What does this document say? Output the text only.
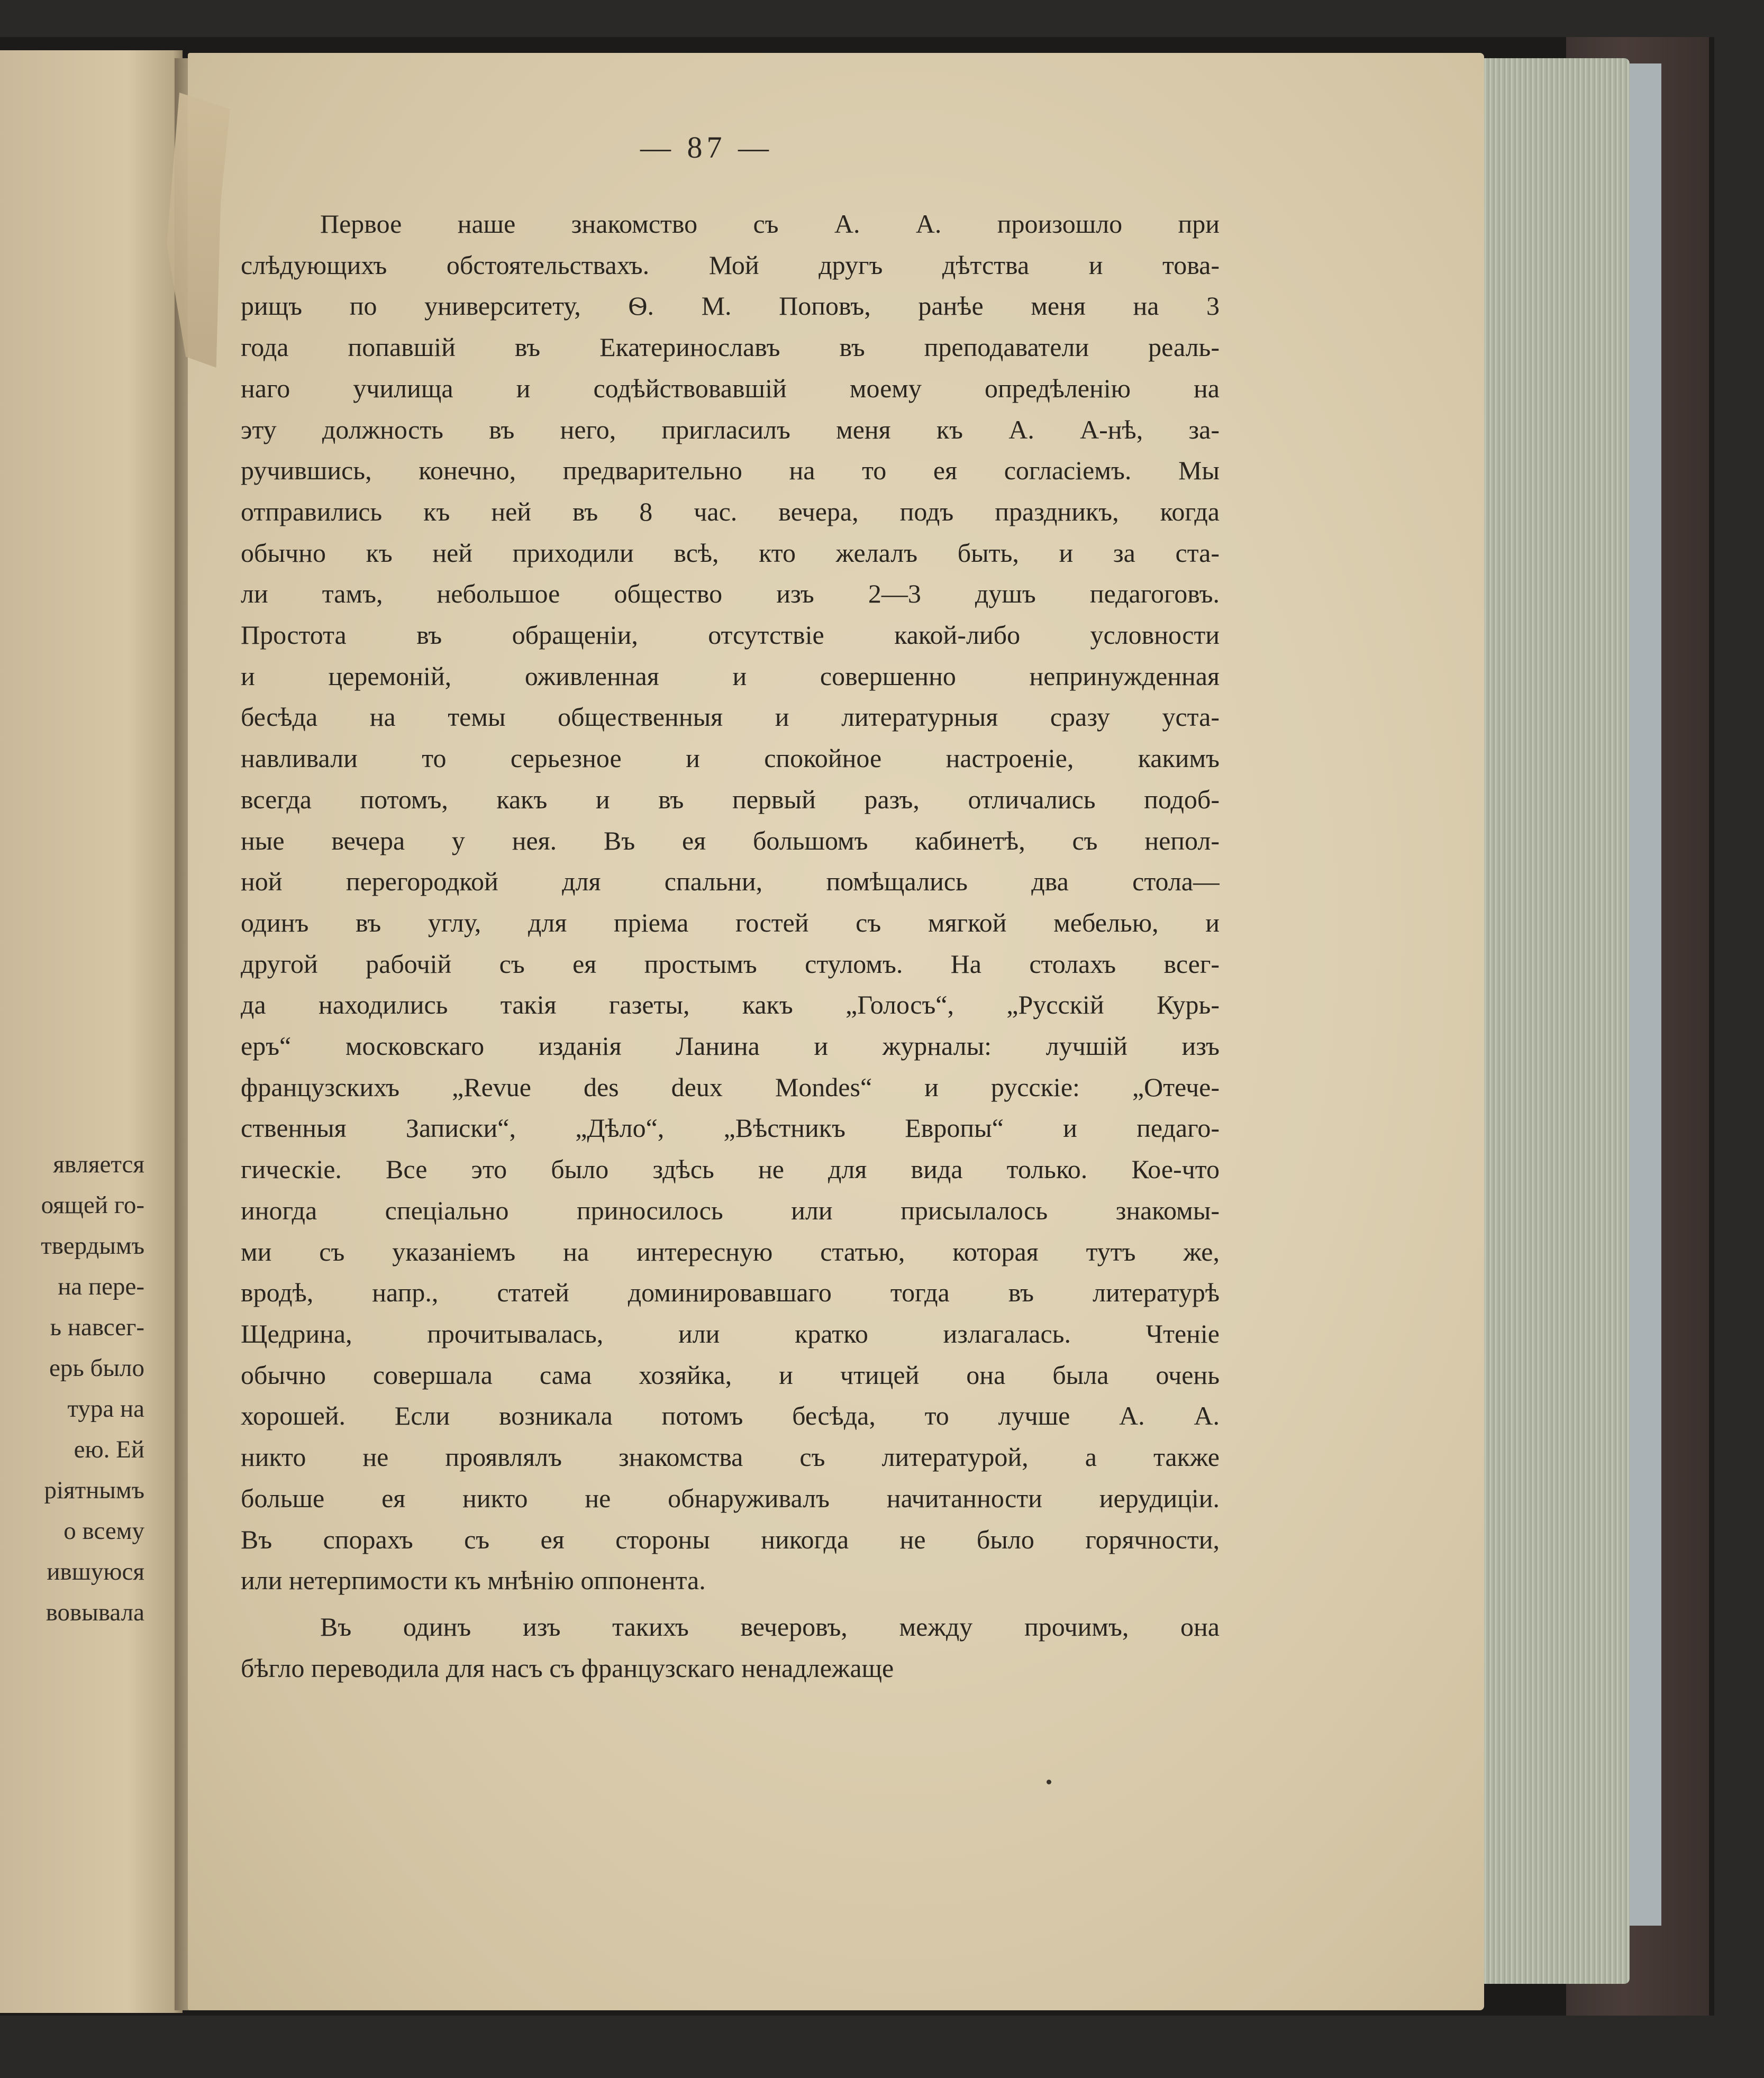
является
оящей го-
твердымъ
на пере-
ь навсег-
ерь было
тура на
ею. Ей
ріятнымъ
о всему
ившуюся
вовывала
— 87 —
Первое наше знакомство съ А. А. произошло при
слѣдующихъ обстоятельствахъ. Мой другъ дѣтства и това-
рищъ по университету, Ѳ. М. Поповъ, ранѣе меня на 3
года попавшій въ Екатеринославъ въ преподаватели реаль-
наго училища и содѣйствовавшій моему опредѣленію на
эту должность въ него, пригласилъ меня къ А. А-нѣ, за-
ручившись, конечно, предварительно на то ея согласіемъ. Мы
отправились къ ней въ 8 час. вечера, подъ праздникъ, когда
обычно къ ней приходили всѣ, кто желалъ быть, и за ста-
ли тамъ, небольшое общество изъ 2—3 душъ педагоговъ.
Простота въ обращеніи, отсутствіе какой-либо условности
и церемоній, оживленная и совершенно непринужденная
бесѣда на темы общественныя и литературныя сразу уста-
навливали то серьезное и спокойное настроеніе, какимъ
всегда потомъ, какъ и въ первый разъ, отличались подоб-
ные вечера у нея. Въ ея большомъ кабинетѣ, съ непол-
ной перегородкой для спальни, помѣщались два стола—
одинъ въ углу, для пріема гостей съ мягкой мебелью, и
другой рабочій съ ея простымъ стуломъ. На столахъ всег-
да находились такія газеты, какъ „Голосъ“, „Русскій Курь-
еръ“ московскаго изданія Ланина и журналы: лучшій изъ
французскихъ „Revue des deux Mondes“ и русскіе: „Отече-
ственныя Записки“, „Дѣло“, „Вѣстникъ Европы“ и педаго-
гическіе. Все это было здѣсь не для вида только. Кое-что
иногда спеціально приносилось или присылалось знакомы-
ми съ указаніемъ на интересную статью, которая тутъ же,
вродѣ, напр., статей доминировавшаго тогда въ литературѣ
Щедрина, прочитывалась, или кратко излагалась. Чтеніе
обычно совершала сама хозяйка, и чтицей она была очень
хорошей. Если возникала потомъ бесѣда, то лучше А. А.
никто не проявлялъ знакомства съ литературой, а также
больше ея никто не обнаруживалъ начитанности иерудиціи.
Въ спорахъ съ ея стороны никогда не было горячности,
или нетерпимости къ мнѣнію оппонента.
Въ одинъ изъ такихъ вечеровъ, между прочимъ, она
бѣгло переводила для насъ съ французскаго ненадлежаще
